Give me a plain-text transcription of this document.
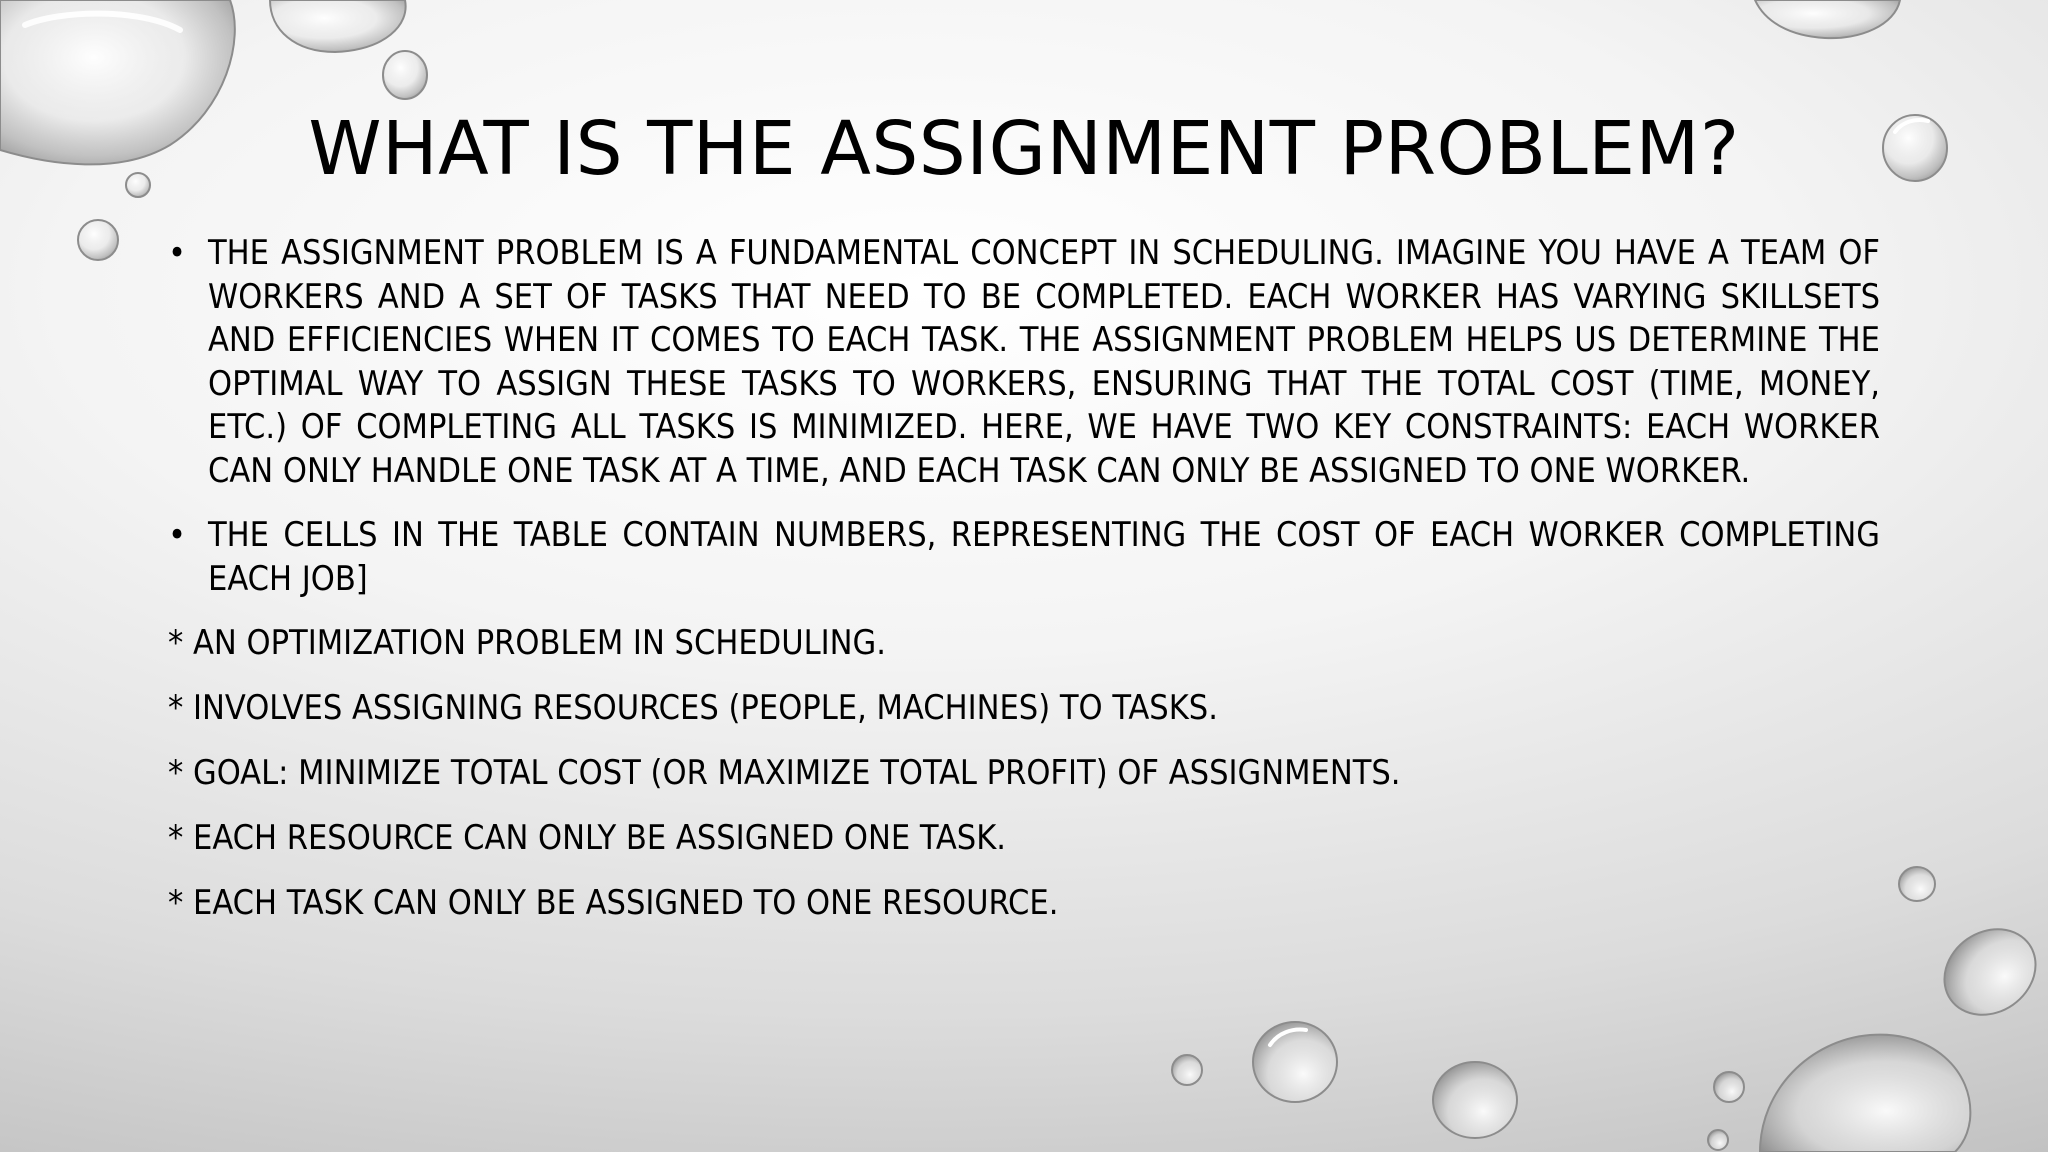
WHAT IS THE ASSIGNMENT PROBLEM?
• THE ASSIGNMENT PROBLEM IS A FUNDAMENTAL CONCEPT IN SCHEDULING. IMAGINE YOU HAVE A TEAM OF WORKERS AND A SET OF TASKS THAT NEED TO BE COMPLETED. EACH WORKER HAS VARYING SKILLSETS AND EFFICIENCIES WHEN IT COMES TO EACH TASK. THE ASSIGNMENT PROBLEM HELPS US DETERMINE THE OPTIMAL WAY TO ASSIGN THESE TASKS TO WORKERS, ENSURING THAT THE TOTAL COST (TIME, MONEY, ETC.) OF COMPLETING ALL TASKS IS MINIMIZED. HERE, WE HAVE TWO KEY CONSTRAINTS: EACH WORKER CAN ONLY HANDLE ONE TASK AT A TIME, AND EACH TASK CAN ONLY BE ASSIGNED TO ONE WORKER.
• THE CELLS IN THE TABLE CONTAIN NUMBERS, REPRESENTING THE COST OF EACH WORKER COMPLETING EACH JOB]
* AN OPTIMIZATION PROBLEM IN SCHEDULING.
* INVOLVES ASSIGNING RESOURCES (PEOPLE, MACHINES) TO TASKS.
* GOAL: MINIMIZE TOTAL COST (OR MAXIMIZE TOTAL PROFIT) OF ASSIGNMENTS.
* EACH RESOURCE CAN ONLY BE ASSIGNED ONE TASK.
* EACH TASK CAN ONLY BE ASSIGNED TO ONE RESOURCE.
